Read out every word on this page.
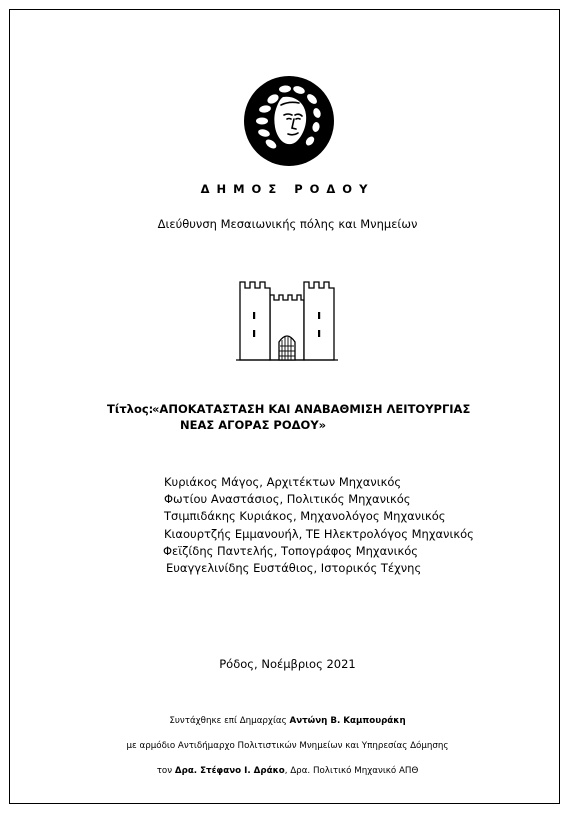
ΔΗΜΟΣ ΡΟΔΟΥ
Διεύθυνση Μεσαιωνικής πόλης και Μνημείων
Τίτλος:
«ΑΠΟΚΑΤΑΣΤΑΣΗ ΚΑΙ ΑΝΑΒΑΘΜΙΣΗ ΛΕΙΤΟΥΡΓΙΑΣ
ΝΕΑΣ ΑΓΟΡΑΣ ΡΟΔΟΥ»
Κυριάκος Μάγος, Αρχιτέκτων Μηχανικός
Φωτίου Αναστάσιος, Πολιτικός Μηχανικός
Τσιμπιδάκης Κυριάκος, Μηχανολόγος Μηχανικός
Κιαουρτζής Εμμανουήλ, ΤΕ Ηλεκτρολόγος Μηχανικός
Φεϊζίδης Παντελής, Τοπογράφος Μηχανικός
Ευαγγελινίδης Ευστάθιος, Ιστορικός Τέχνης
Ρόδος, Νοέμβριος 2021
Συντάχθηκε επί Δημαρχίας Αντώνη Β. Καμπουράκη
με αρμόδιο Αντιδήμαρχο Πολιτιστικών Μνημείων και Υπηρεσίας Δόμησης
τον Δρα. Στέφανο Ι. Δράκο, Δρα. Πολιτικό Μηχανικό ΑΠΘ
